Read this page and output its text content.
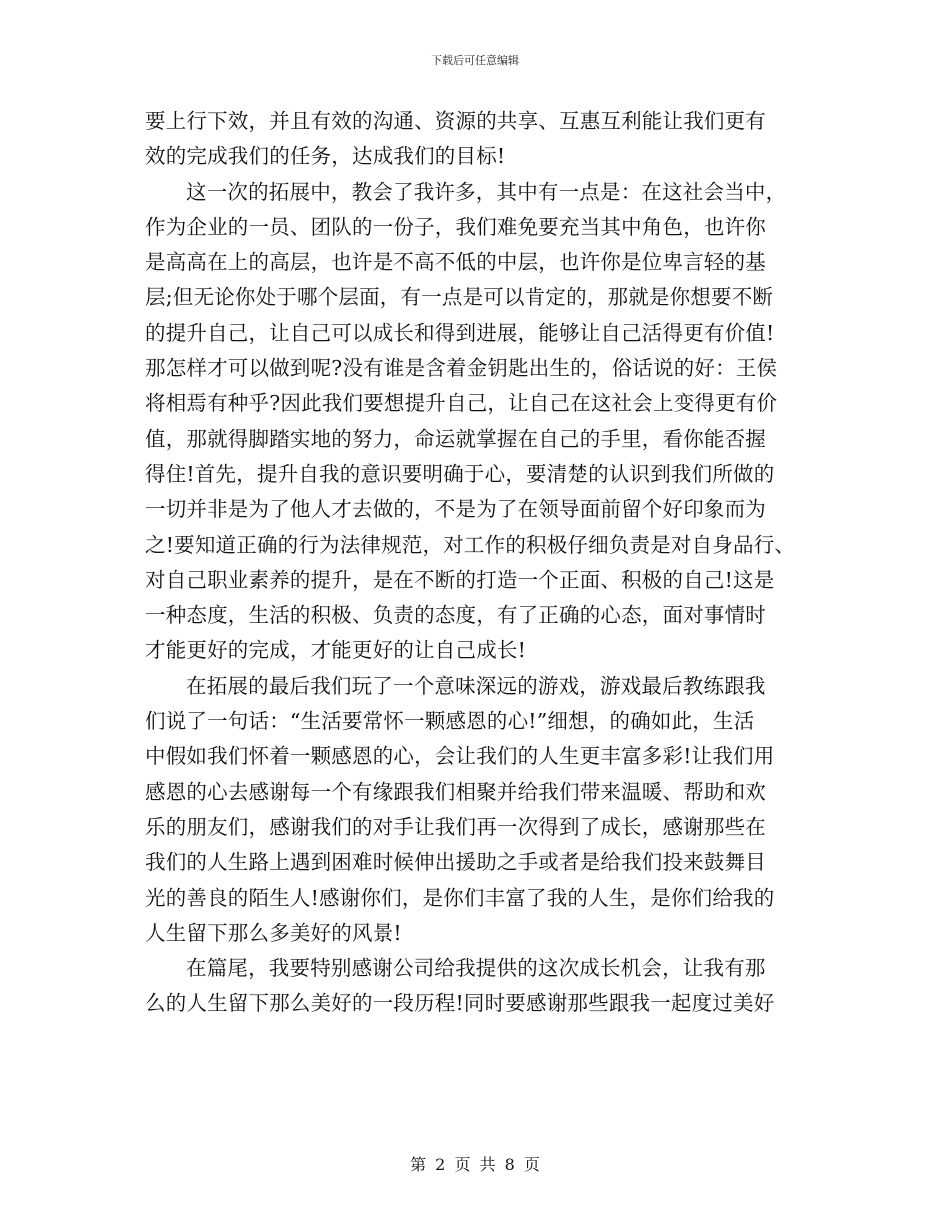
下载后可任意编辑
要上行下效，并且有效的沟通、资源的共享、互惠互利能让我们更有
效的完成我们的任务，达成我们的目标!
这一次的拓展中，教会了我许多，其中有一点是：在这社会当中，
作为企业的一员、团队的一份子，我们难免要充当其中角色，也许你
是高高在上的高层，也许是不高不低的中层，也许你是位卑言轻的基
层;但无论你处于哪个层面，有一点是可以肯定的，那就是你想要不断
的提升自己，让自己可以成长和得到进展，能够让自己活得更有价值!
那怎样才可以做到呢?没有谁是含着金钥匙出生的，俗话说的好：王侯
将相焉有种乎?因此我们要想提升自己，让自己在这社会上变得更有价
值，那就得脚踏实地的努力，命运就掌握在自己的手里，看你能否握
得住!首先，提升自我的意识要明确于心，要清楚的认识到我们所做的
一切并非是为了他人才去做的，不是为了在领导面前留个好印象而为
之!要知道正确的行为法律规范，对工作的积极仔细负责是对自身品行、
对自己职业素养的提升，是在不断的打造一个正面、积极的自己!这是
一种态度，生活的积极、负责的态度，有了正确的心态，面对事情时
才能更好的完成，才能更好的让自己成长!
在拓展的最后我们玩了一个意味深远的游戏，游戏最后教练跟我
们说了一句话：“生活要常怀一颗感恩的心!”细想，的确如此，生活
中假如我们怀着一颗感恩的心，会让我们的人生更丰富多彩!让我们用
感恩的心去感谢每一个有缘跟我们相聚并给我们带来温暖、帮助和欢
乐的朋友们，感谢我们的对手让我们再一次得到了成长，感谢那些在
我们的人生路上遇到困难时候伸出援助之手或者是给我们投来鼓舞目
光的善良的陌生人!感谢你们，是你们丰富了我的人生，是你们给我的
人生留下那么多美好的风景!
在篇尾，我要特别感谢公司给我提供的这次成长机会，让我有那
么的人生留下那么美好的一段历程!同时要感谢那些跟我一起度过美好
第 2 页 共 8 页
